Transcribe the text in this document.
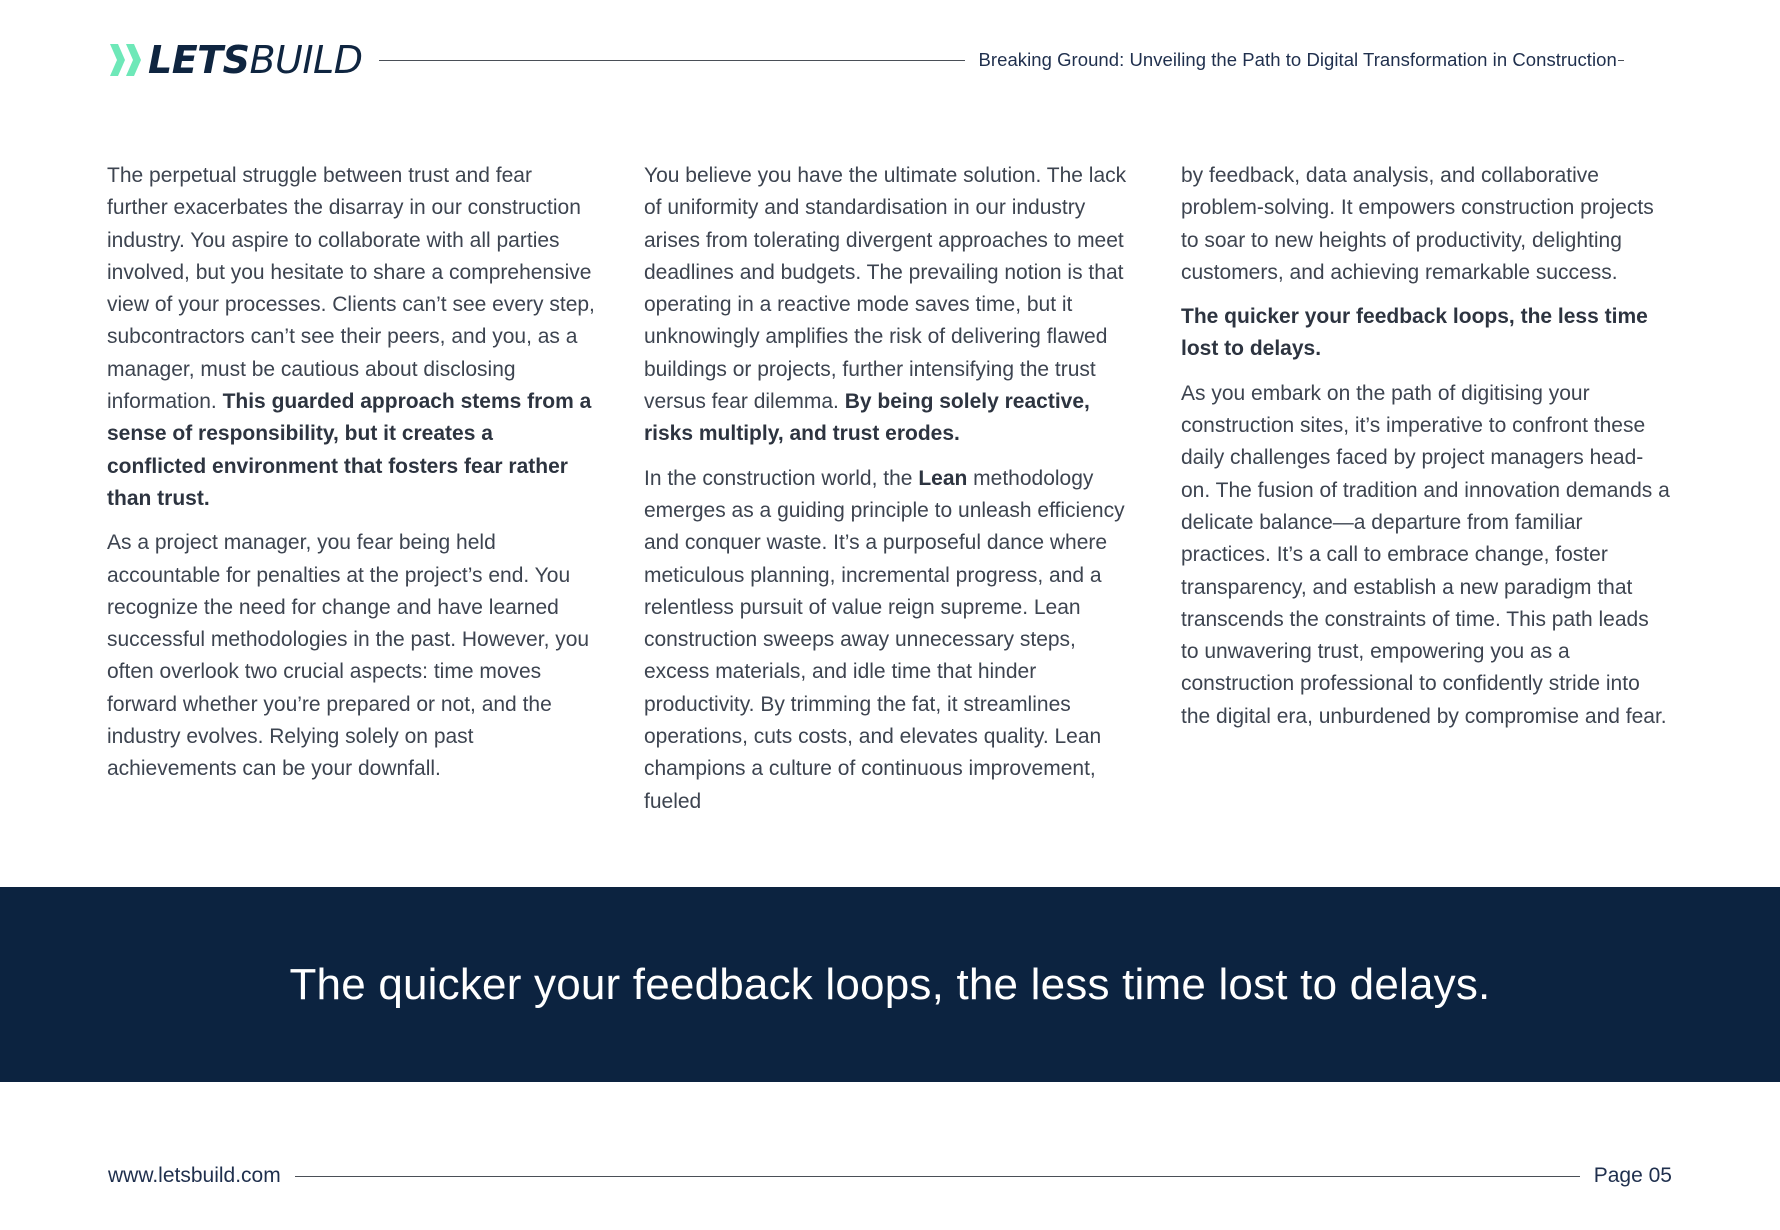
LETSBUILD	Breaking Ground: Unveiling the Path to Digital Transformation in Construction

The perpetual struggle between trust and fear further exacerbates the disarray in our construction industry. You aspire to collaborate with all parties involved, but you hesitate to share a comprehensive view of your processes. Clients can’t see every step, subcontractors can’t see their peers, and you, as a manager, must be cautious about disclosing information. This guarded approach stems from a sense of responsibility, but it creates a conflicted environment that fosters fear rather than trust.

As a project manager, you fear being held accountable for penalties at the project’s end. You recognize the need for change and have learned successful methodologies in the past. However, you often overlook two crucial aspects: time moves forward whether you’re prepared or not, and the industry evolves. Relying solely on past achievements can be your downfall.

You believe you have the ultimate solution. The lack of uniformity and standardisation in our industry arises from tolerating divergent approaches to meet deadlines and budgets. The prevailing notion is that operating in a reactive mode saves time, but it unknowingly amplifies the risk of delivering flawed buildings or projects, further intensifying the trust versus fear dilemma. By being solely reactive, risks multiply, and trust erodes.

In the construction world, the Lean methodology emerges as a guiding principle to unleash efficiency and conquer waste. It’s a purposeful dance where meticulous planning, incremental progress, and a relentless pursuit of value reign supreme. Lean construction sweeps away unnecessary steps, excess materials, and idle time that hinder productivity. By trimming the fat, it streamlines operations, cuts costs, and elevates quality. Lean champions a culture of continuous improvement, fueled

by feedback, data analysis, and collaborative problem-solving. It empowers construction projects to soar to new heights of productivity, delighting customers, and achieving remarkable success.

The quicker your feedback loops, the less time lost to delays.

As you embark on the path of digitising your construction sites, it’s imperative to confront these daily challenges faced by project managers head-on. The fusion of tradition and innovation demands a delicate balance—a departure from familiar practices. It’s a call to embrace change, foster transparency, and establish a new paradigm that transcends the constraints of time. This path leads to unwavering trust, empowering you as a construction professional to confidently stride into the digital era, unburdened by compromise and fear.

The quicker your feedback loops, the less time lost to delays.
www.letsbuild.com	Page 05
